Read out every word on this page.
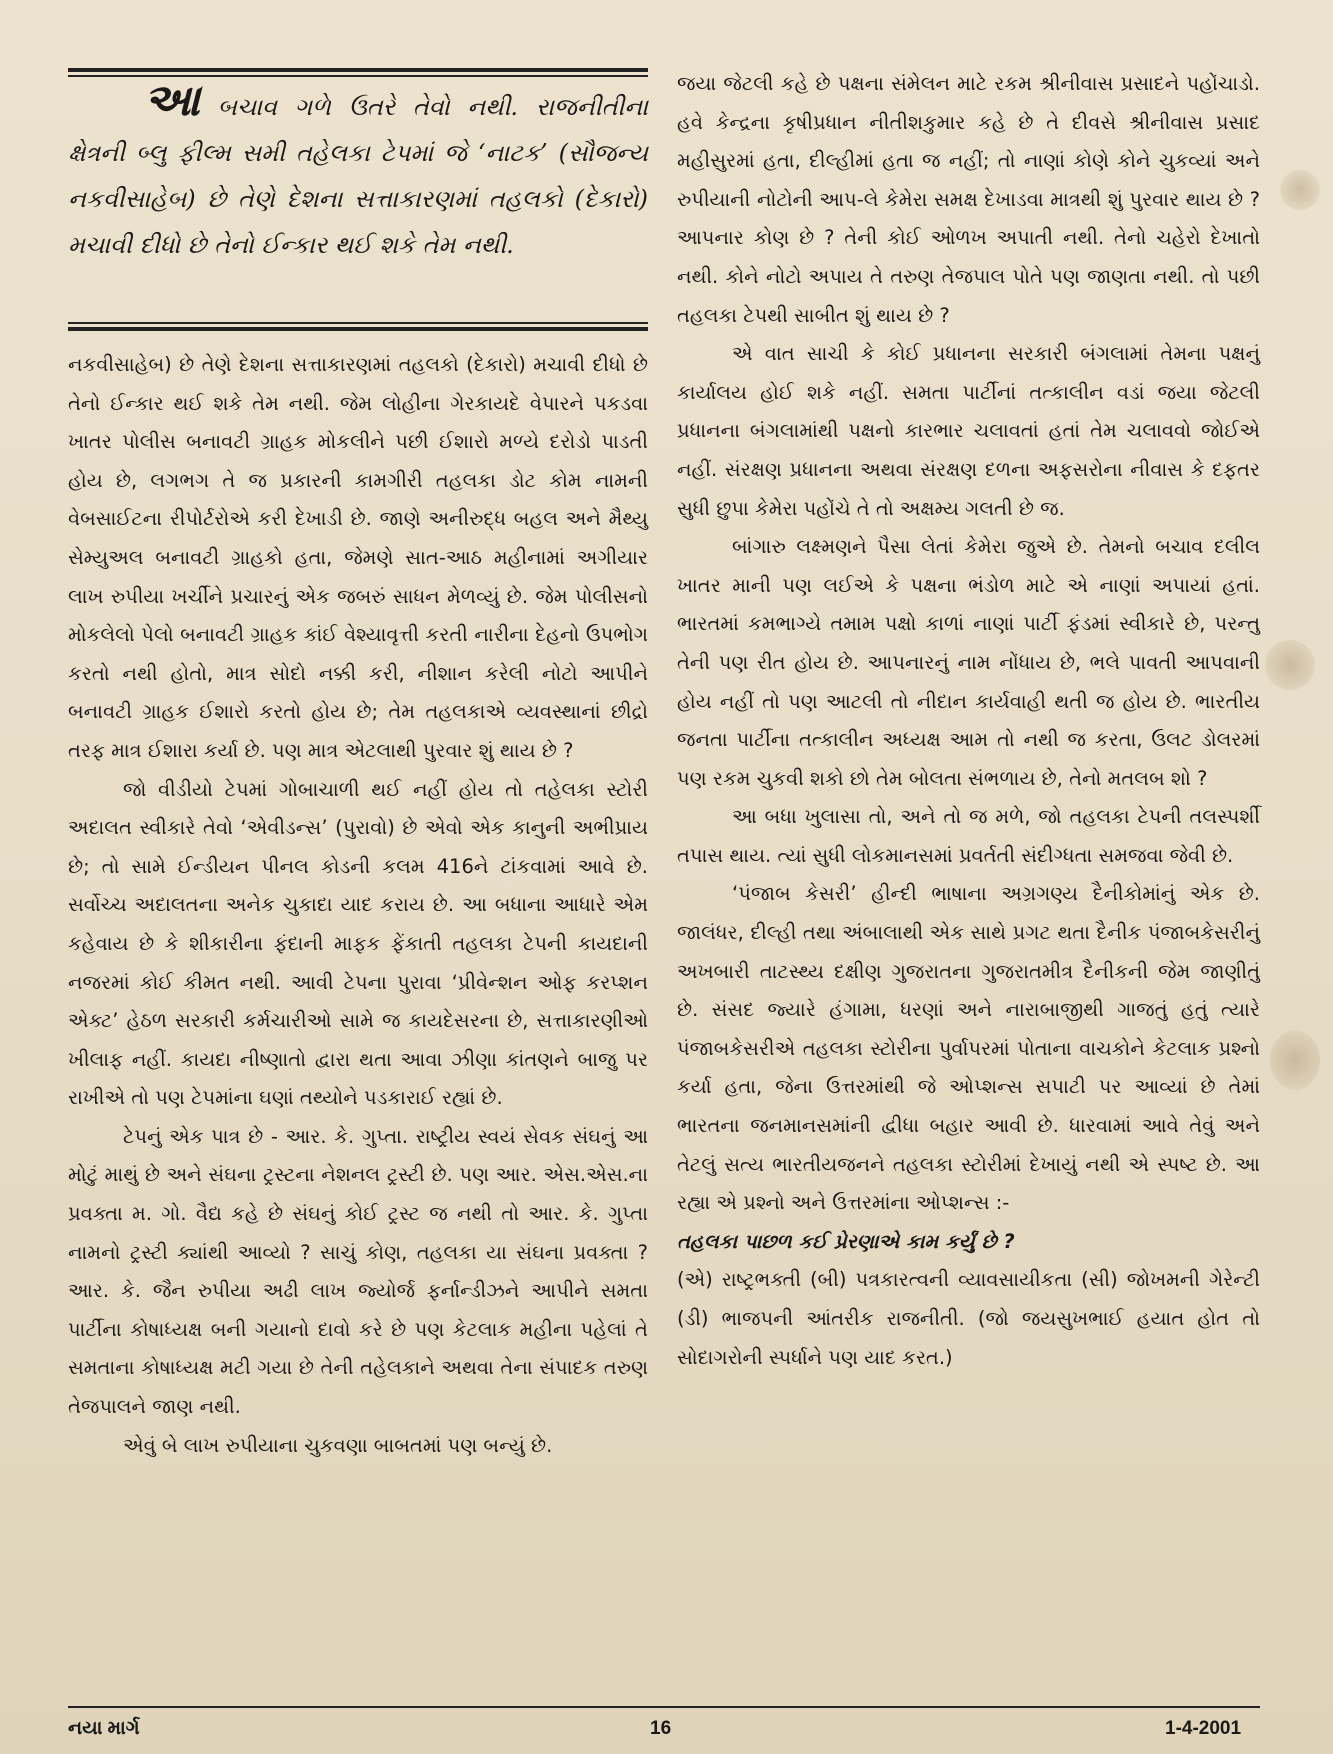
આ બચાવ ગળે ઉતરે તેવો નથી. રાજનીતીના ક્ષેત્રની બ્લુ ફીલ્મ સમી તહેલકા ટેપમાં જે ‘નાટક’ (સૌજન્ય નકવીસાહેબ) છે તેણે દેશના સત્તાકારણમાં તહલકો (દેકારો) મચાવી દીધો છે તેનો ઈન્કાર થઈ શકે તેમ નથી.

નકવીસાહેબ) છે તેણે દેશના સત્તાકારણમાં તહલકો (દેકારો) મચાવી દીધો છે તેનો ઈન્કાર થઈ શકે તેમ નથી. જેમ લોહીના ગેરકાયદે વેપારને પકડવા ખાતર પોલીસ બનાવટી ગ્રાહક મોકલીને પછી ઈશારો મળ્યે દરોડો પાડતી હોય છે, લગભગ તે જ પ્રકારની કામગીરી તહલકા ડોટ કોમ નામની વેબસાઈટના રીપોર્ટરોએ કરી દેખાડી છે. જાણે અનીરુદ્ધ બહલ અને મૈથ્યુ સેમ્યુઅલ બનાવટી ગ્રાહકો હતા, જેમણે સાત-આઠ મહીનામાં અગીયાર લાખ રુપીયા ખર્ચીને પ્રચારનું એક જબરું સાધન મેળવ્યું છે. જેમ પોલીસનો મોકલેલો પેલો બનાવટી ગ્રાહક કાંઈ વેશ્યાવૃત્તી કરતી નારીના દેહનો ઉપભોગ કરતો નથી હોતો, માત્ર સોદો નક્કી કરી, નીશાન કરેલી નોટો આપીને બનાવટી ગ્રાહક ઈશારો કરતો હોય છે; તેમ તહલકાએ વ્યવસ્થાનાં છીદ્રો તરફ માત્ર ઈશારા કર્યા છે. પણ માત્ર એટલાથી પુરવાર શું થાય છે ?

જો વીડીયો ટેપમાં ગોબાચાળી થઈ નહીં હોય તો તહેલકા સ્ટોરી અદાલત સ્વીકારે તેવો ‘એવીડન્સ’ (પુરાવો) છે એવો એક કાનુની અભીપ્રાય છે; તો સામે ઈન્ડીયન પીનલ કોડની કલમ 416ને ટાંકવામાં આવે છે. સર્વોચ્ચ અદાલતના અનેક ચુકાદા યાદ કરાય છે. આ બધાના આધારે એમ કહેવાય છે કે શીકારીના ફંદાની માફક ફેંકાતી તહલકા ટેપની કાયદાની નજરમાં કોઈ કીમત નથી. આવી ટેપના પુરાવા ‘પ્રીવેન્શન ઓફ કરપ્શન એક્ટ’ હેઠળ સરકારી કર્મચારીઓ સામે જ કાયદેસરના છે, સત્તાકારણીઓ ખીલાફ નહીં. કાયદા નીષ્ણાતો દ્વારા થતા આવા ઝીણા કાંતણને બાજુ પર રાખીએ તો પણ ટેપમાંના ઘણાં તથ્યોને પડકારાઈ રહ્યાં છે.

ટેપનું એક પાત્ર છે - આર. કે. ગુપ્તા. રાષ્ટ્રીય સ્વયં સેવક સંઘનું આ મોટું માથું છે અને સંઘના ટ્રસ્ટના નેશનલ ટ્રસ્ટી છે. પણ આર. એસ.એસ.ના પ્રવક્તા મ. ગો. વૈદ્ય કહે છે સંઘનું કોઈ ટ્રસ્ટ જ નથી તો આર. કે. ગુપ્તા નામનો ટ્રસ્ટી ક્યાંથી આવ્યો ? સાચું કોણ, તહલકા યા સંઘના પ્રવક્તા ? આર. કે. જૈન રુપીયા અઢી લાખ જ્યોર્જ ફર્નાન્ડીઝને આપીને સમતા પાર્ટીના કોષાધ્યક્ષ બની ગયાનો દાવો કરે છે પણ કેટલાક મહીના પહેલાં તે સમતાના કોષાધ્યક્ષ મટી ગયા છે તેની તહેલકાને અથવા તેના સંપાદક તરુણ તેજપાલને જાણ નથી.

એવું બે લાખ રુપીયાના ચુકવણા બાબતમાં પણ બન્યું છે.

જયા જેટલી કહે છે પક્ષના સંમેલન માટે રકમ શ્રીનીવાસ પ્રસાદને પહોંચાડો. હવે કેન્દ્રના કૃષીપ્રધાન નીતીશકુમાર કહે છે તે દીવસે શ્રીનીવાસ પ્રસાદ મહીસુરમાં હતા, દીલ્હીમાં હતા જ નહીં; તો નાણાં કોણે કોને ચુકવ્યાં અને રુપીયાની નોટોની આપ-લે કેમેરા સમક્ષ દેખાડવા માત્રથી શું પુરવાર થાય છે ? આપનાર કોણ છે ? તેની કોઈ ઓળખ અપાતી નથી. તેનો ચહેરો દેખાતો નથી. કોને નોટો અપાય તે તરુણ તેજપાલ પોતે પણ જાણતા નથી. તો પછી તહલકા ટેપથી સાબીત શું થાય છે ?

એ વાત સાચી કે કોઈ પ્રધાનના સરકારી બંગલામાં તેમના પક્ષનું કાર્યાલય હોઈ શકે નહીં. સમતા પાર્ટીનાં તત્કાલીન વડાં જયા જેટલી પ્રધાનના બંગલામાંથી પક્ષનો કારભાર ચલાવતાં હતાં તેમ ચલાવવો જોઈએ નહીં. સંરક્ષણ પ્રધાનના અથવા સંરક્ષણ દળના અફસરોના નીવાસ કે દફતર સુધી છુપા કેમેરા પહોંચે તે તો અક્ષમ્ય ગલતી છે જ.

બાંગારુ લક્ષ્મણને પૈસા લેતાં કેમેરા જુએ છે. તેમનો બચાવ દલીલ ખાતર માની પણ લઈએ કે પક્ષના ભંડોળ માટે એ નાણાં અપાયાં હતાં. ભારતમાં કમભાગ્યે તમામ પક્ષો કાળાં નાણાં પાર્ટી ફંડમાં સ્વીકારે છે, પરન્તુ તેની પણ રીત હોય છે. આપનારનું નામ નોંધાય છે, ભલે પાવતી આપવાની હોય નહીં તો પણ આટલી તો નીદાન કાર્યવાહી થતી જ હોય છે. ભારતીય જનતા પાર્ટીના તત્કાલીન અધ્યક્ષ આમ તો નથી જ કરતા, ઉલટ ડોલરમાં પણ રકમ ચુકવી શકો છો તેમ બોલતા સંભળાય છે, તેનો મતલબ શો ?

આ બધા ખુલાસા તો, અને તો જ મળે, જો તહલકા ટેપની તલસ્પર્શી તપાસ થાય. ત્યાં સુધી લોકમાનસમાં પ્રવર્તતી સંદીગ્ધતા સમજવા જેવી છે.

‘પંજાબ કેસરી’ હીન્દી ભાષાના અગ્રગણ્ય દૈનીકોમાંનું એક છે. જાલંધર, દીલ્હી તથા અંબાલાથી એક સાથે પ્રગટ થતા દૈનીક પંજાબકેસરીનું અખબારી તાટસ્થ્ય દક્ષીણ ગુજરાતના ગુજરાતમીત્ર દૈનીકની જેમ જાણીતું છે. સંસદ જ્યારે હંગામા, ધરણાં અને નારાબાજીથી ગાજતું હતું ત્યારે પંજાબકેસરીએ તહલકા સ્ટોરીના પુર્વાપરમાં પોતાના વાચકોને કેટલાક પ્રશ્નો કર્યા હતા, જેના ઉત્તરમાંથી જે ઓપ્શન્સ સપાટી પર આવ્યાં છે તેમાં ભારતના જનમાનસમાંની દ્વીધા બહાર આવી છે. ધારવામાં આવે તેવું અને તેટલું સત્ય ભારતીયજનને તહલકા સ્ટોરીમાં દેખાયું નથી એ સ્પષ્ટ છે. આ રહ્યા એ પ્રશ્નો અને ઉત્તરમાંના ઓપ્શન્સ :-

તહલકા પાછળ કઈ પ્રેરણાએ કામ કર્યું છે ?

(એ) રાષ્ટ્રભક્તી (બી) પત્રકારત્વની વ્યાવસાયીકતા (સી) જોખમની ગેરેન્ટી (ડી) ભાજપની આંતરીક રાજનીતી. (જો જયસુખભાઈ હયાત હોત તો સોદાગરોની સ્પર્ધાને પણ યાદ કરત.)

નયા માર્ગ	16	1-4-2001
